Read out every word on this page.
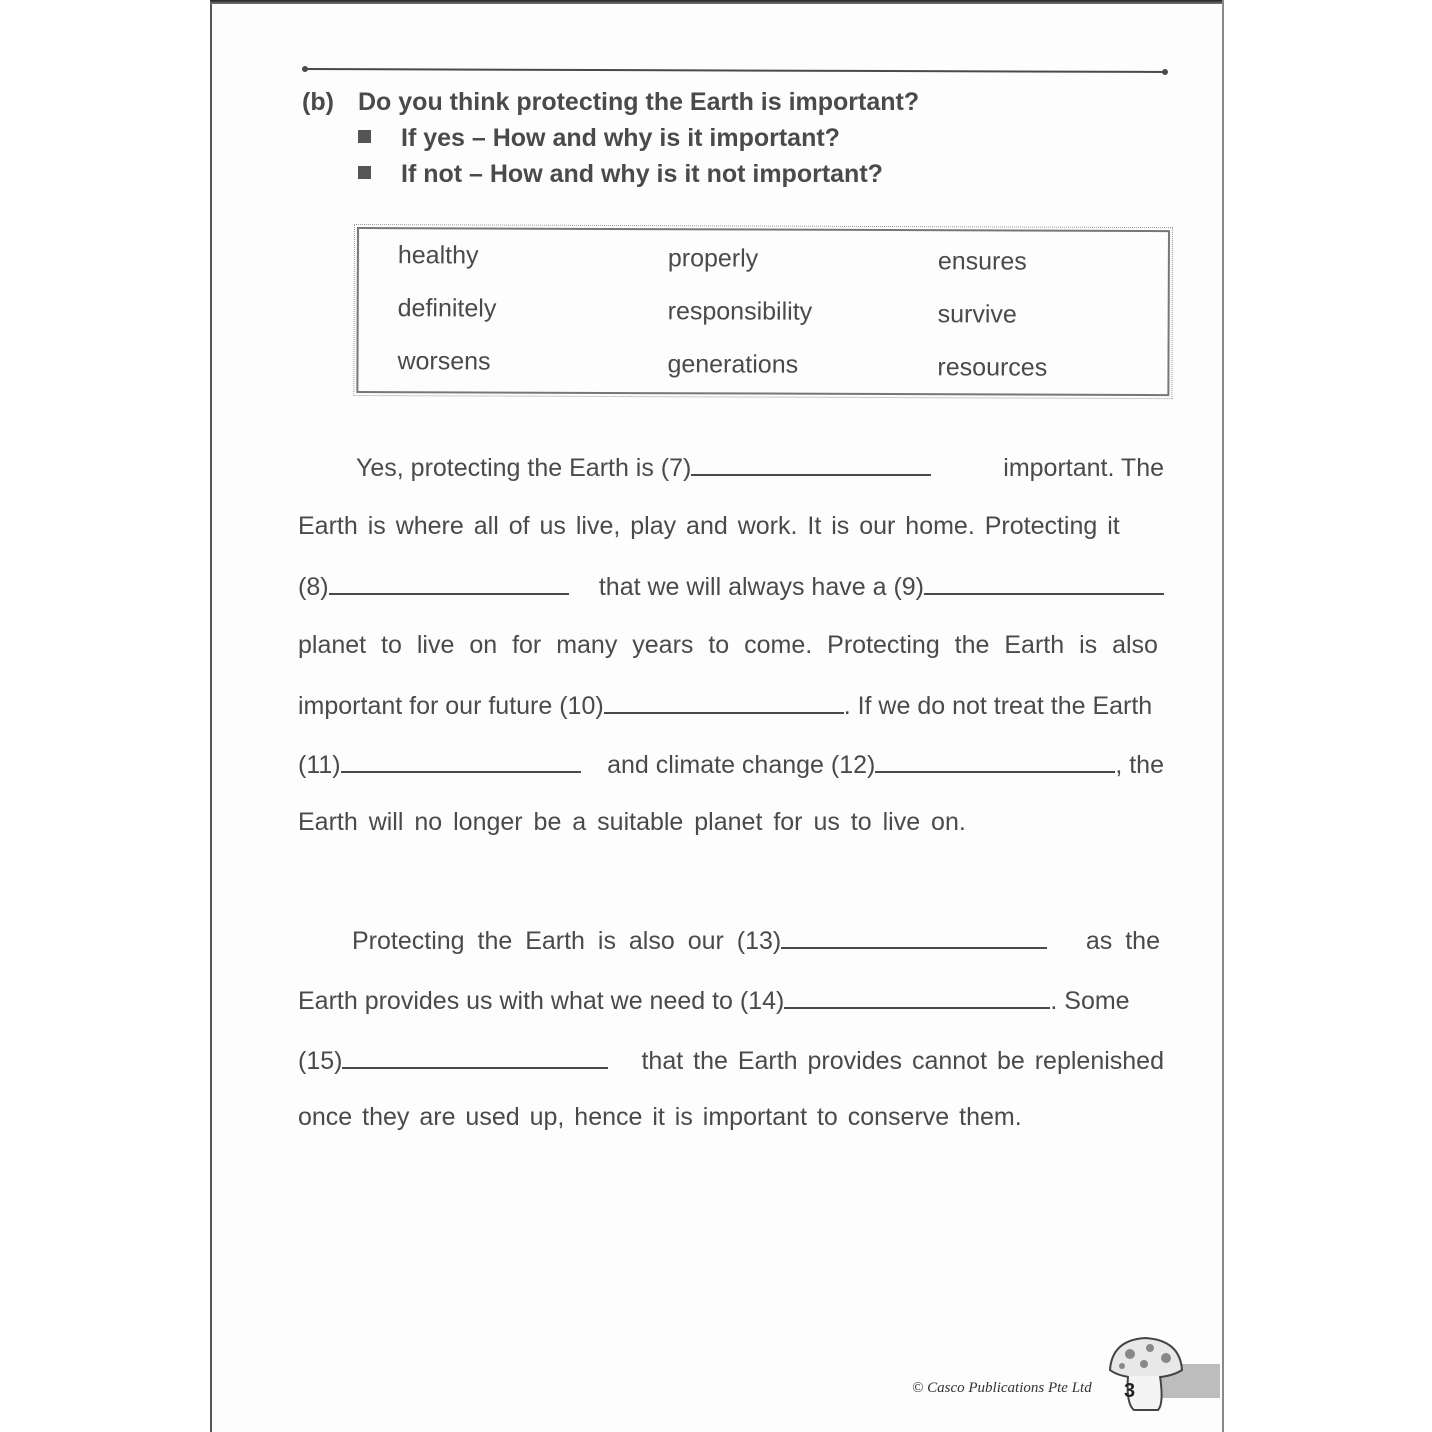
(b) Do you think protecting the Earth is important?
If yes – How and why is it important?
If not – How and why is it not important?
healthy	properly	ensures
definitely	responsibility	survive
worsens	generations	resources
Yes, protecting the Earth is (7)	important. The
Earth is where all of us live, play and work. It is our home. Protecting it
(8)	that we will always have a (9)
planet to live on for many years to come. Protecting the Earth is also
important for our future (10)	. If we do not treat the Earth
(11)	and climate change (12)	, the
Earth will no longer be a suitable planet for us to live on.
Protecting the Earth is also our (13)	as the
Earth provides us with what we need to (14)	. Some
(15)	that the Earth provides cannot be replenished
once they are used up, hence it is important to conserve them.
© Casco Publications Pte Ltd 3
